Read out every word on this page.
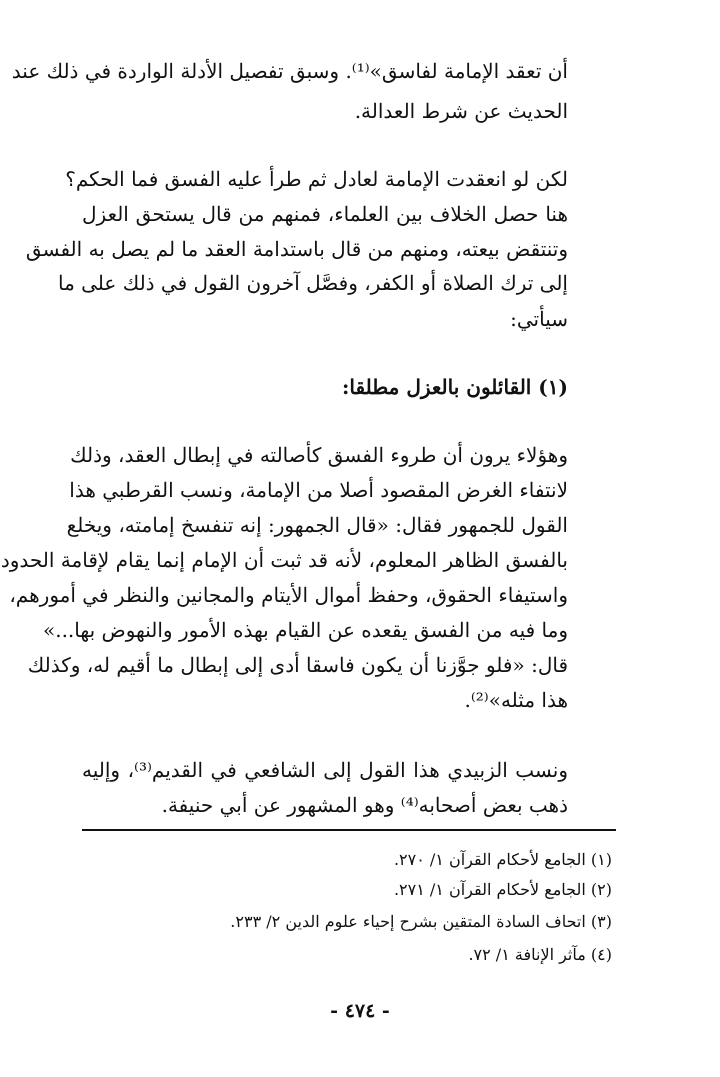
أن تعقد الإمامة لفاسق»⁽¹⁾. وسبق تفصيل الأدلة الواردة في ذلك عند
الحديث عن شرط العدالة.
لكن لو انعقدت الإمامة لعادل ثم طرأ عليه الفسق فما الحكم؟
هنا حصل الخلاف بين العلماء، فمنهم من قال يستحق العزل
وتنتقض بيعته، ومنهم من قال باستدامة العقد ما لم يصل به الفسق
إلى ترك الصلاة أو الكفر، وفصَّل آخرون القول في ذلك على ما
سيأتي:
(١) القائلون بالعزل مطلقا:
وهؤلاء يرون أن طروء الفسق كأصالته في إبطال العقد، وذلك
لانتفاء الغرض المقصود أصلا من الإمامة، ونسب القرطبي هذا
القول للجمهور فقال: «قال الجمهور: إنه تنفسخ إمامته، ويخلع
بالفسق الظاهر المعلوم، لأنه قد ثبت أن الإمام إنما يقام لإقامة الحدود
واستيفاء الحقوق، وحفظ أموال الأيتام والمجانين والنظر في أمورهم،
وما فيه من الفسق يقعده عن القيام بهذه الأمور والنهوض بها...»
قال: «فلو جوَّزنا أن يكون فاسقا أدى إلى إبطال ما أقيم له، وكذلك
هذا مثله»⁽²⁾.
ونسب الزبيدي هذا القول إلى الشافعي في القديم⁽³⁾، وإليه
ذهب بعض أصحابه⁽⁴⁾ وهو المشهور عن أبي حنيفة.
(١) الجامع لأحكام القرآن ١/ ٢٧٠.
(٢) الجامع لأحكام القرآن ١/ ٢٧١.
(٣) اتحاف السادة المتقين بشرح إحياء علوم الدين ٢/ ٢٣٣.
(٤) مآثر الإنافة ١/ ٧٢.
- ٤٧٤ -
